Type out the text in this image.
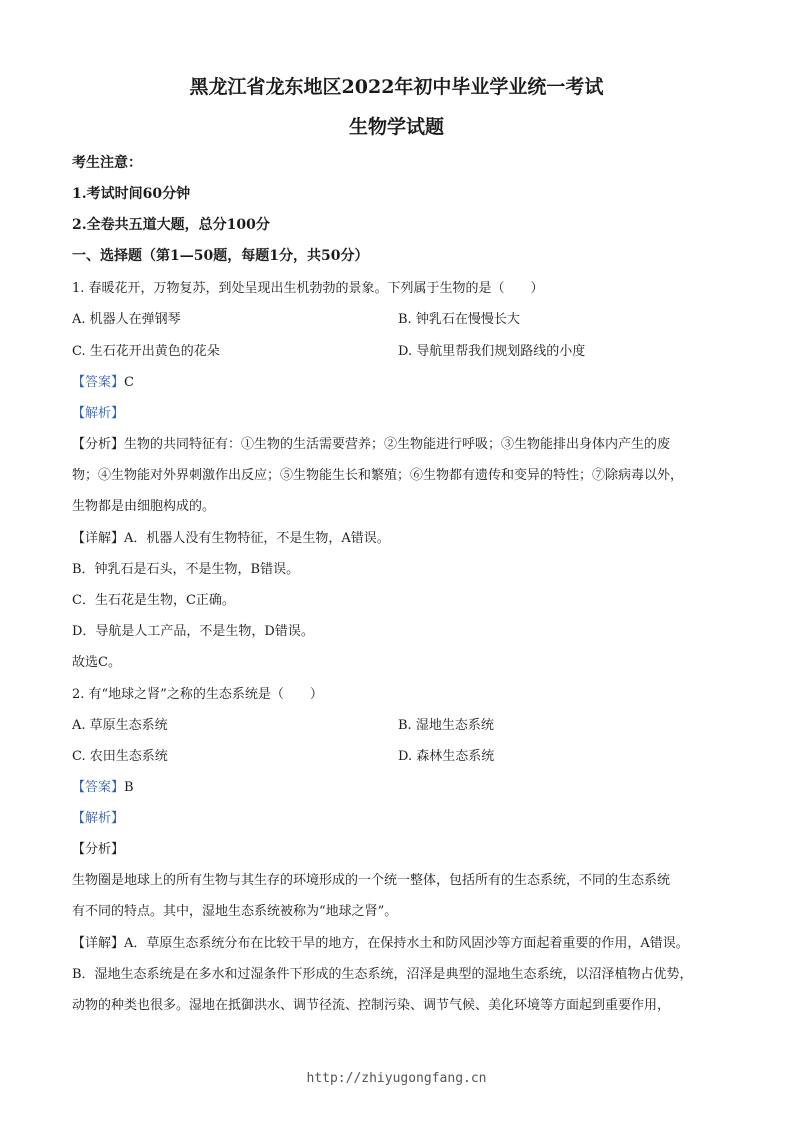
黑龙江省龙东地区2022年初中毕业学业统一考试
生物学试题
考生注意：
1.考试时间60分钟
2.全卷共五道大题，总分100分
一、选择题（第1—50题，每题1分，共50分）
1. 春暖花开，万物复苏，到处呈现出生机勃勃的景象。下列属于生物的是（　　）
A. 机器人在弹钢琴	B. 钟乳石在慢慢长大
C. 生石花开出黄色的花朵	D. 导航里帮我们规划路线的小度
【答案】C
【解析】
【分析】生物的共同特征有：①生物的生活需要营养；②生物能进行呼吸；③生物能排出身体内产生的废
物；④生物能对外界刺激作出反应；⑤生物能生长和繁殖；⑥生物都有遗传和变异的特性；⑦除病毒以外，
生物都是由细胞构成的。
【详解】A．机器人没有生物特征，不是生物，A错误。
B．钟乳石是石头，不是生物，B错误。
C．生石花是生物，C正确。
D．导航是人工产品，不是生物，D错误。
故选C。
2. 有“地球之肾”之称的生态系统是（　　）
A. 草原生态系统	B. 湿地生态系统
C. 农田生态系统	D. 森林生态系统
【答案】B
【解析】
【分析】
生物圈是地球上的所有生物与其生存的环境形成的一个统一整体，包括所有的生态系统，不同的生态系统
有不同的特点。其中，湿地生态系统被称为“地球之肾”。
【详解】A．草原生态系统分布在比较干旱的地方，在保持水土和防风固沙等方面起着重要的作用，A错误。
B．湿地生态系统是在多水和过湿条件下形成的生态系统，沼泽是典型的湿地生态系统，以沼泽植物占优势，
动物的种类也很多。湿地在抵御洪水、调节径流、控制污染、调节气候、美化环境等方面起到重要作用，
http://zhiyugongfang.cn
